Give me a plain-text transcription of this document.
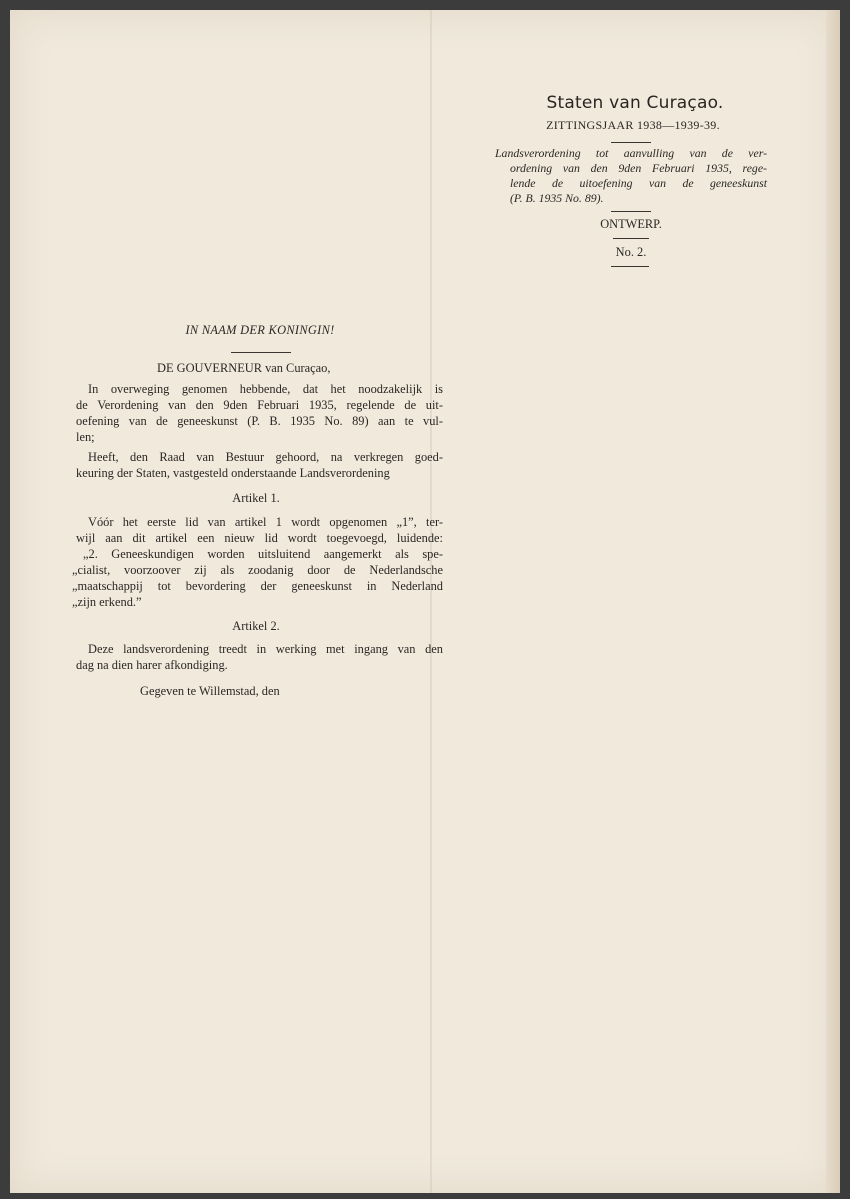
Staten van Curaçao.
ZITTINGSJAAR 1938—1939-39.
Landsverordening tot aanvulling van de ver-
ordening van den 9den Februari 1935, rege-
lende de uitoefening van de geneeskunst
(P. B. 1935 No. 89).
ONTWERP.
No. 2.
IN NAAM DER KONINGIN!
DE GOUVERNEUR van Curaçao,
In overweging genomen hebbende, dat het noodzakelijk is
de Verordening van den 9den Februari 1935, regelende de uit-
oefening van de geneeskunst (P. B. 1935 No. 89) aan te vul-
len;
Heeft, den Raad van Bestuur gehoord, na verkregen goed-
keuring der Staten, vastgesteld onderstaande Landsverordening
Artikel 1.
Vóór het eerste lid van artikel 1 wordt opgenomen „1”, ter-
wijl aan dit artikel een nieuw lid wordt toegevoegd, luidende:
„2. Geneeskundigen worden uitsluitend aangemerkt als spe-
„cialist, voorzoover zij als zoodanig door de Nederlandsche
„maatschappij tot bevordering der geneeskunst in Nederland
„zijn erkend.”
Artikel 2.
Deze landsverordening treedt in werking met ingang van den
dag na dien harer afkondiging.
Gegeven te Willemstad, den
